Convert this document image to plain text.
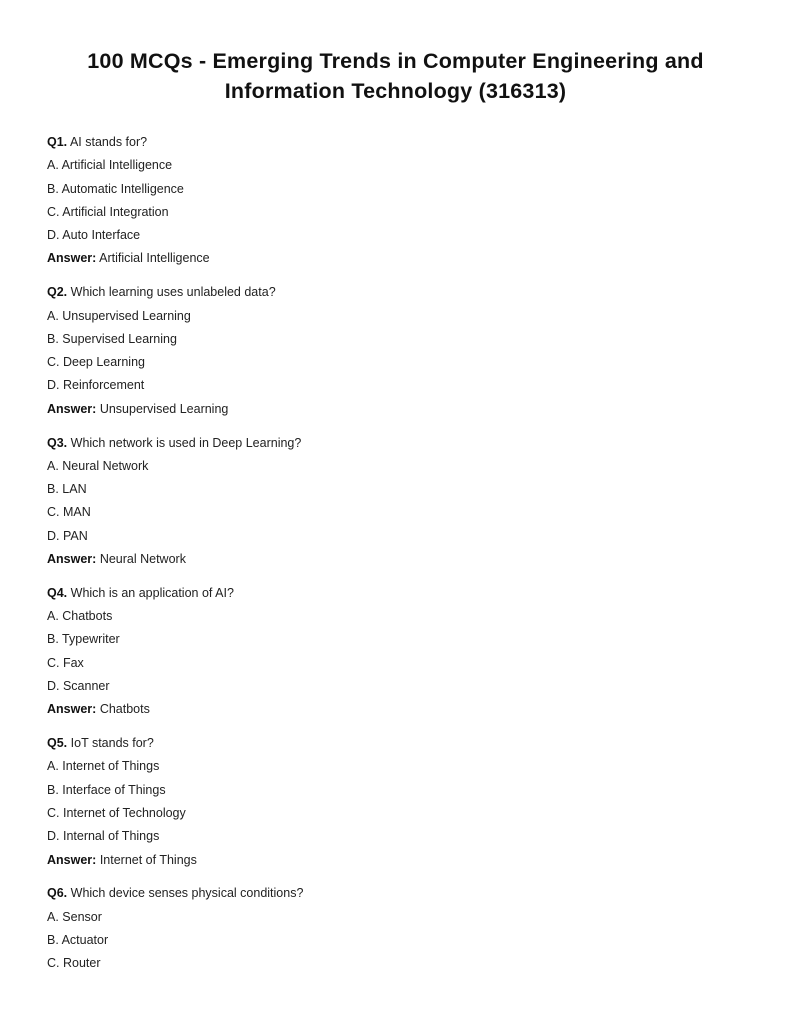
100 MCQs - Emerging Trends in Computer Engineering and
Information Technology (316313)
Q1. AI stands for?
A. Artificial Intelligence
B. Automatic Intelligence
C. Artificial Integration
D. Auto Interface
Answer: Artificial Intelligence
Q2. Which learning uses unlabeled data?
A. Unsupervised Learning
B. Supervised Learning
C. Deep Learning
D. Reinforcement
Answer: Unsupervised Learning
Q3. Which network is used in Deep Learning?
A. Neural Network
B. LAN
C. MAN
D. PAN
Answer: Neural Network
Q4. Which is an application of AI?
A. Chatbots
B. Typewriter
C. Fax
D. Scanner
Answer: Chatbots
Q5. IoT stands for?
A. Internet of Things
B. Interface of Things
C. Internet of Technology
D. Internal of Things
Answer: Internet of Things
Q6. Which device senses physical conditions?
A. Sensor
B. Actuator
C. Router
